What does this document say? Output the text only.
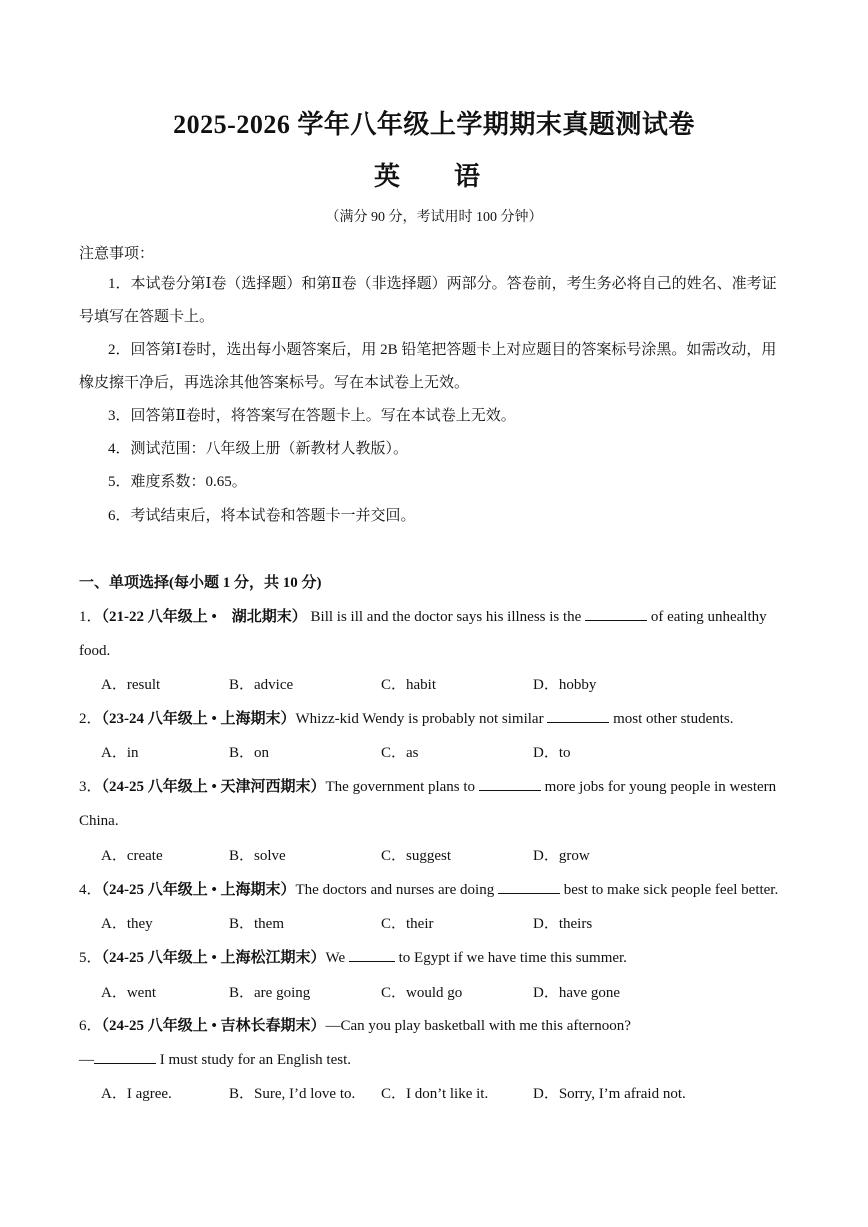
2025-2026 学年八年级上学期期末真题测试卷
英　语
（满分 90 分，考试用时 100 分钟）
注意事项：
1．本试卷分第Ⅰ卷（选择题）和第Ⅱ卷（非选择题）两部分。答卷前，考生务必将自己的姓名、准考证号填写在答题卡上。
2．回答第Ⅰ卷时，选出每小题答案后，用 2B 铅笔把答题卡上对应题目的答案标号涂黑。如需改动，用橡皮擦干净后，再选涂其他答案标号。写在本试卷上无效。
3．回答第Ⅱ卷时，将答案写在答题卡上。写在本试卷上无效。
4．测试范围：八年级上册（新教材人教版）。
5．难度系数：0.65。
6．考试结束后，将本试卷和答题卡一并交回。
一、单项选择(每小题 1 分，共 10 分)
1．（21-22 八年级上 •　湖北期末） Bill is ill and the doctor says his illness is the	of eating unhealthy food.
A．result	B．advice	C．habit	D．hobby
2．（23-24 八年级上 • 上海期末）Whizz-kid Wendy is probably not similar	most other students.
A．in	B．on	C．as	D．to
3．（24-25 八年级上 • 天津河西期末）The government plans to	more jobs for young people in western China.
A．create	B．solve	C．suggest	D．grow
4．（24-25 八年级上 • 上海期末）The doctors and nurses are doing	best to make sick people feel better.
A．they	B．them	C．their	D．theirs
5．（24-25 八年级上 • 上海松江期末）We	to Egypt if we have time this summer.
A．went	B．are going	C．would go	D．have gone
6．（24-25 八年级上 • 吉林长春期末）—Can you play basketball with me this afternoon?
—	I must study for an English test.
A．I agree.	B．Sure, I’d love to. C．I don’t like it.	D．Sorry, I’m afraid not.
